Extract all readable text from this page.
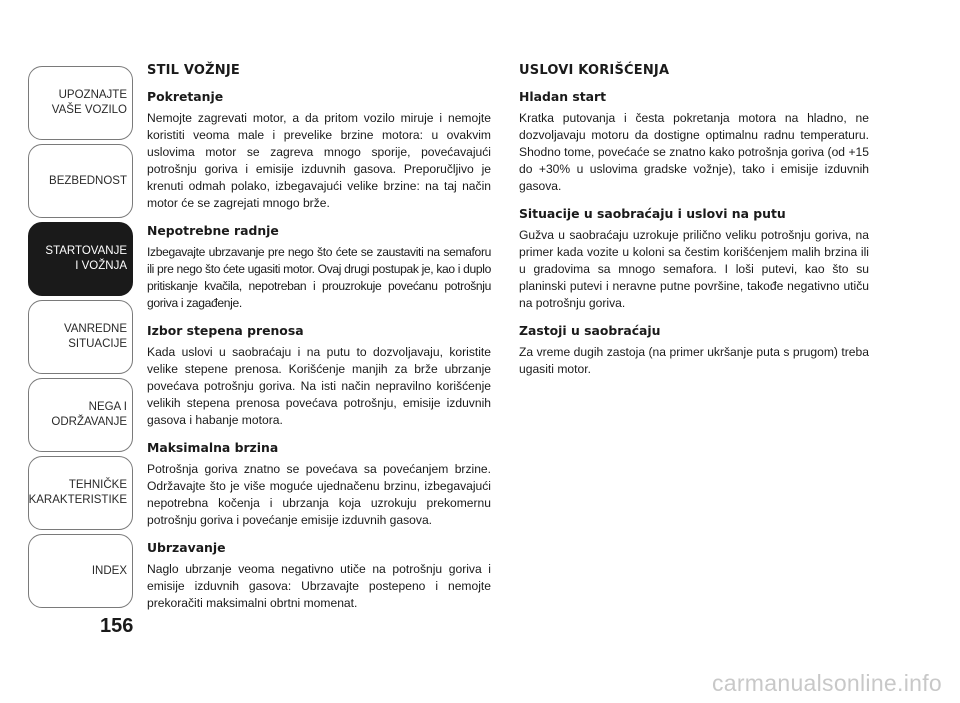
UPOZNAJTE
VAŠE VOZILO
BEZBEDNOST
STARTOVANJE
I VOŽNJA
VANREDNE
SITUACIJE
NEGA I
ODRŽAVANJE
TEHNIČKE
KARAKTERISTIKE
INDEX
156
STIL VOŽNJE
Pokretanje

Nemojte zagrevati motor, a da pritom vozilo miruje i nemojte koristiti veoma male i prevelike brzine motora: u ovakvim uslovima motor se zagreva mnogo sporije, povećavajući potrošnju goriva i emisije izduvnih gasova. Preporučljivo je krenuti odmah polako, izbegavajući velike brzine: na taj način motor će se zagrejati mnogo brže.

Nepotrebne radnje

Izbegavajte ubrzavanje pre nego što ćete se zaustaviti na semaforu ili pre nego što ćete ugasiti motor. Ovaj drugi postupak je, kao i duplo pritiskanje kvačila, nepotreban i prouzrokuje povećanu potrošnju goriva i zagađenje.

Izbor stepena prenosa

Kada uslovi u saobraćaju i na putu to dozvoljavaju, koristite velike stepene prenosa. Korišćenje manjih za brže ubrzanje povećava potrošnju goriva. Na isti način nepravilno korišćenje velikih stepena prenosa povećava potrošnju, emisije izduvnih gasova i habanje motora.

Maksimalna brzina

Potrošnja goriva znatno se povećava sa povećanjem brzine. Održavajte što je više moguće ujednačenu brzinu, izbegavajući nepotrebna kočenja i ubrzanja koja uzrokuju prekomernu potrošnju goriva i povećanje emisije izduvnih gasova.

Ubrzavanje

Naglo ubrzanje veoma negativno utiče na potrošnju goriva i emisije izduvnih gasova: Ubrzavajte postepeno i nemojte prekoračiti maksimalni obrtni momenat.

USLOVI KORIŠĆENJA
Hladan start

Kratka putovanja i česta pokretanja motora na hladno, ne dozvoljavaju motoru da dostigne optimalnu radnu temperaturu. Shodno tome, povećaće se znatno kako potrošnja goriva (od +15 do +30% u uslovima gradske vožnje), tako i emisije izduvnih gasova.

Situacije u saobraćaju i uslovi na putu

Gužva u saobraćaju uzrokuje prilično veliku potrošnju goriva, na primer kada vozite u koloni sa čestim korišćenjem malih brzina ili u gradovima sa mnogo semafora. I loši putevi, kao što su planinski putevi i neravne putne površine, takođe negativno utiču na potrošnju goriva.

Zastoji u saobraćaju

Za vreme dugih zastoja (na primer ukršanje puta s prugom) treba ugasiti motor.

carmanualsonline.info
